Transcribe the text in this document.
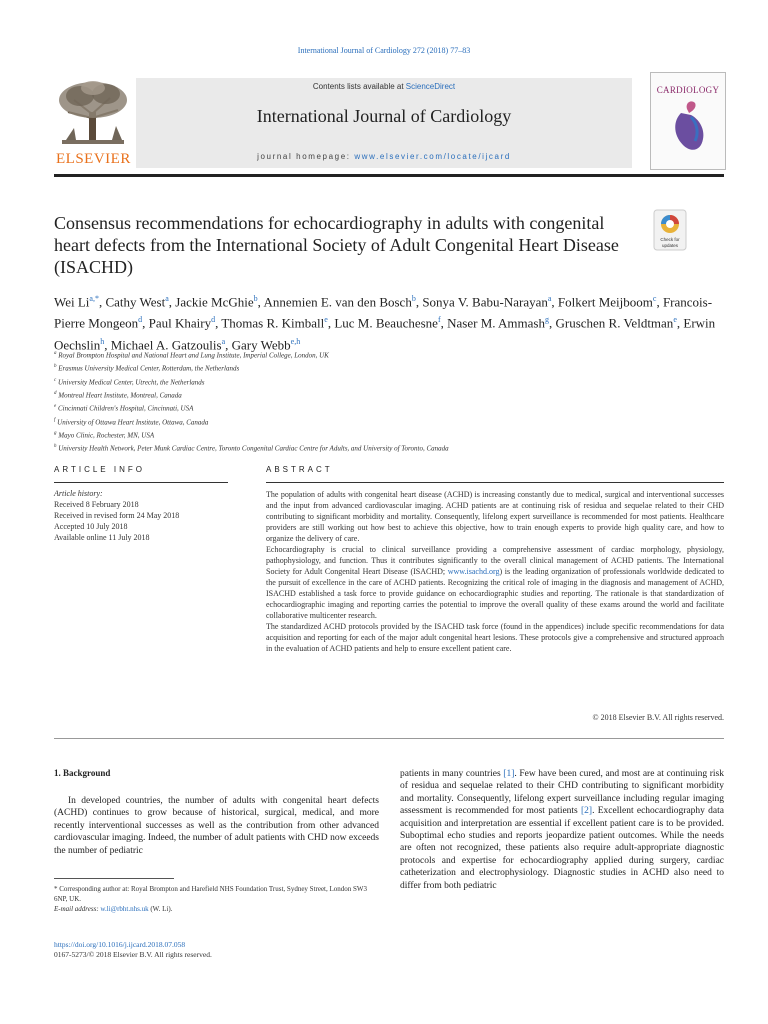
International Journal of Cardiology 272 (2018) 77–83
ELSEVIER
Contents lists available at ScienceDirect
International Journal of Cardiology
journal homepage: www.elsevier.com/locate/ijcard
CARDIOLOGY
Consensus recommendations for echocardiography in adults with congenital heart defects from the International Society of Adult Congenital Heart Disease (ISACHD)
Check for
updates
Wei $Li^{a,*}$, Cathy West$^a$, Jackie McGhie$^b$, Annemien E. van den Bosch$^b$, Sonya V. Babu-Narayan$^a$, Folkert Meijboom$^c$, Francois-Pierre Mongeon$^d$, Paul Khairy$^d$, Thomas R. Kimball$^e$, Luc M. Beauchesne$^f$, Naser M. Ammash$^g$, Gruschen R. Veldtman$^e$, Erwin Oechslin$^h$, Michael A. Gatzoulis$^a$, Gary Webb$^{e,h}$
$^a$ Royal Brompton Hospital and National Heart and Lung Institute, Imperial College, London, UK
$^b$ Erasmus University Medical Center, Rotterdam, the Netherlands
$^c$ University Medical Center, Utrecht, the Netherlands
$^d$ Montreal Heart Institute, Montreal, Canada
$^e$ Cincinnati Children's Hospital, Cincinnati, USA
$^f$ University of Ottawa Heart Institute, Ottawa, Canada
$^g$ Mayo Clinic, Rochester, MN, USA
$^h$ University Health Network, Peter Munk Cardiac Centre, Toronto Congenital Cardiac Centre for Adults, and University of Toronto, Canada
ARTICLE INFO	ABSTRACT
Article history:
Received 8 February 2018
Received in revised form 24 May 2018
Accepted 10 July 2018
Available online 11 July 2018

The population of adults with congenital heart disease (ACHD) is increasing constantly due to medical, surgical and interventional successes and the input from advanced cardiovascular imaging. ACHD patients are at continuing risk of residua and sequelae related to their CHD contributing to significant morbidity and mortality. Consequently, lifelong expert surveillance is recommended for most patients. Healthcare providers are still working out how best to achieve this objective, how to train enough experts to provide high quality care, and how to organize the delivery of care.

Echocardiography is crucial to clinical surveillance providing a comprehensive assessment of cardiac morphology, physiology, pathophysiology, and function. Thus it contributes significantly to the overall clinical management of ACHD patients. The International Society for Adult Congenital Heart Disease (ISACHD; www.isachd.org) is the leading organization of professionals worldwide dedicated to the pursuit of excellence in the care of ACHD patients. Recognizing the critical role of imaging in the diagnosis and management of ACHD, ISACHD established a task force to provide guidance on echocardiographic studies and reporting. The rationale is that standardization of echocardiographic imaging and reporting carries the potential to improve the overall quality of these exams around the world and facilitate collaborative multicenter research.

The standardized ACHD protocols provided by the ISACHD task force (found in the appendices) include specific recommendations for data acquisition and reporting for each of the major adult congenital heart lesions. These protocols give a comprehensive and structured approach in the evaluation of ACHD patients and help to ensure excellent patient care.

© 2018 Elsevier B.V. All rights reserved.
1. Background

In developed countries, the number of adults with congenital heart defects (ACHD) continues to grow because of historical, surgical, medical, and more recently interventional successes as well as the contribution from other advanced cardiovascular imaging. Indeed, the number of adult patients with CHD now exceeds the number of pediatric

patients in many countries [1]. Few have been cured, and most are at continuing risk of residua and sequelae related to their CHD contributing to significant morbidity and mortality. Consequently, lifelong expert surveillance including regular imaging assessment is recommended for most patients [2]. Excellent echocardiography data acquisition and interpretation are essential if excellent patient care is to be provided. Suboptimal echo studies and reports jeopardize patient outcomes. While the needs are often not recognized, these patients also require adult-appropriate diagnostic protocols and expertise for echocardiography applied during surgery, cardiac catheterization and electrophysiology. Diagnostic studies in ACHD also need to differ from both pediatric

* Corresponding author at: Royal Brompton and Harefield NHS Foundation Trust, Sydney Street, London SW3 6NP, UK.
E-mail address: w.li@rbht.nhs.uk (W. Li).
https://doi.org/10.1016/j.ijcard.2018.07.058
0167-5273/© 2018 Elsevier B.V. All rights reserved.
